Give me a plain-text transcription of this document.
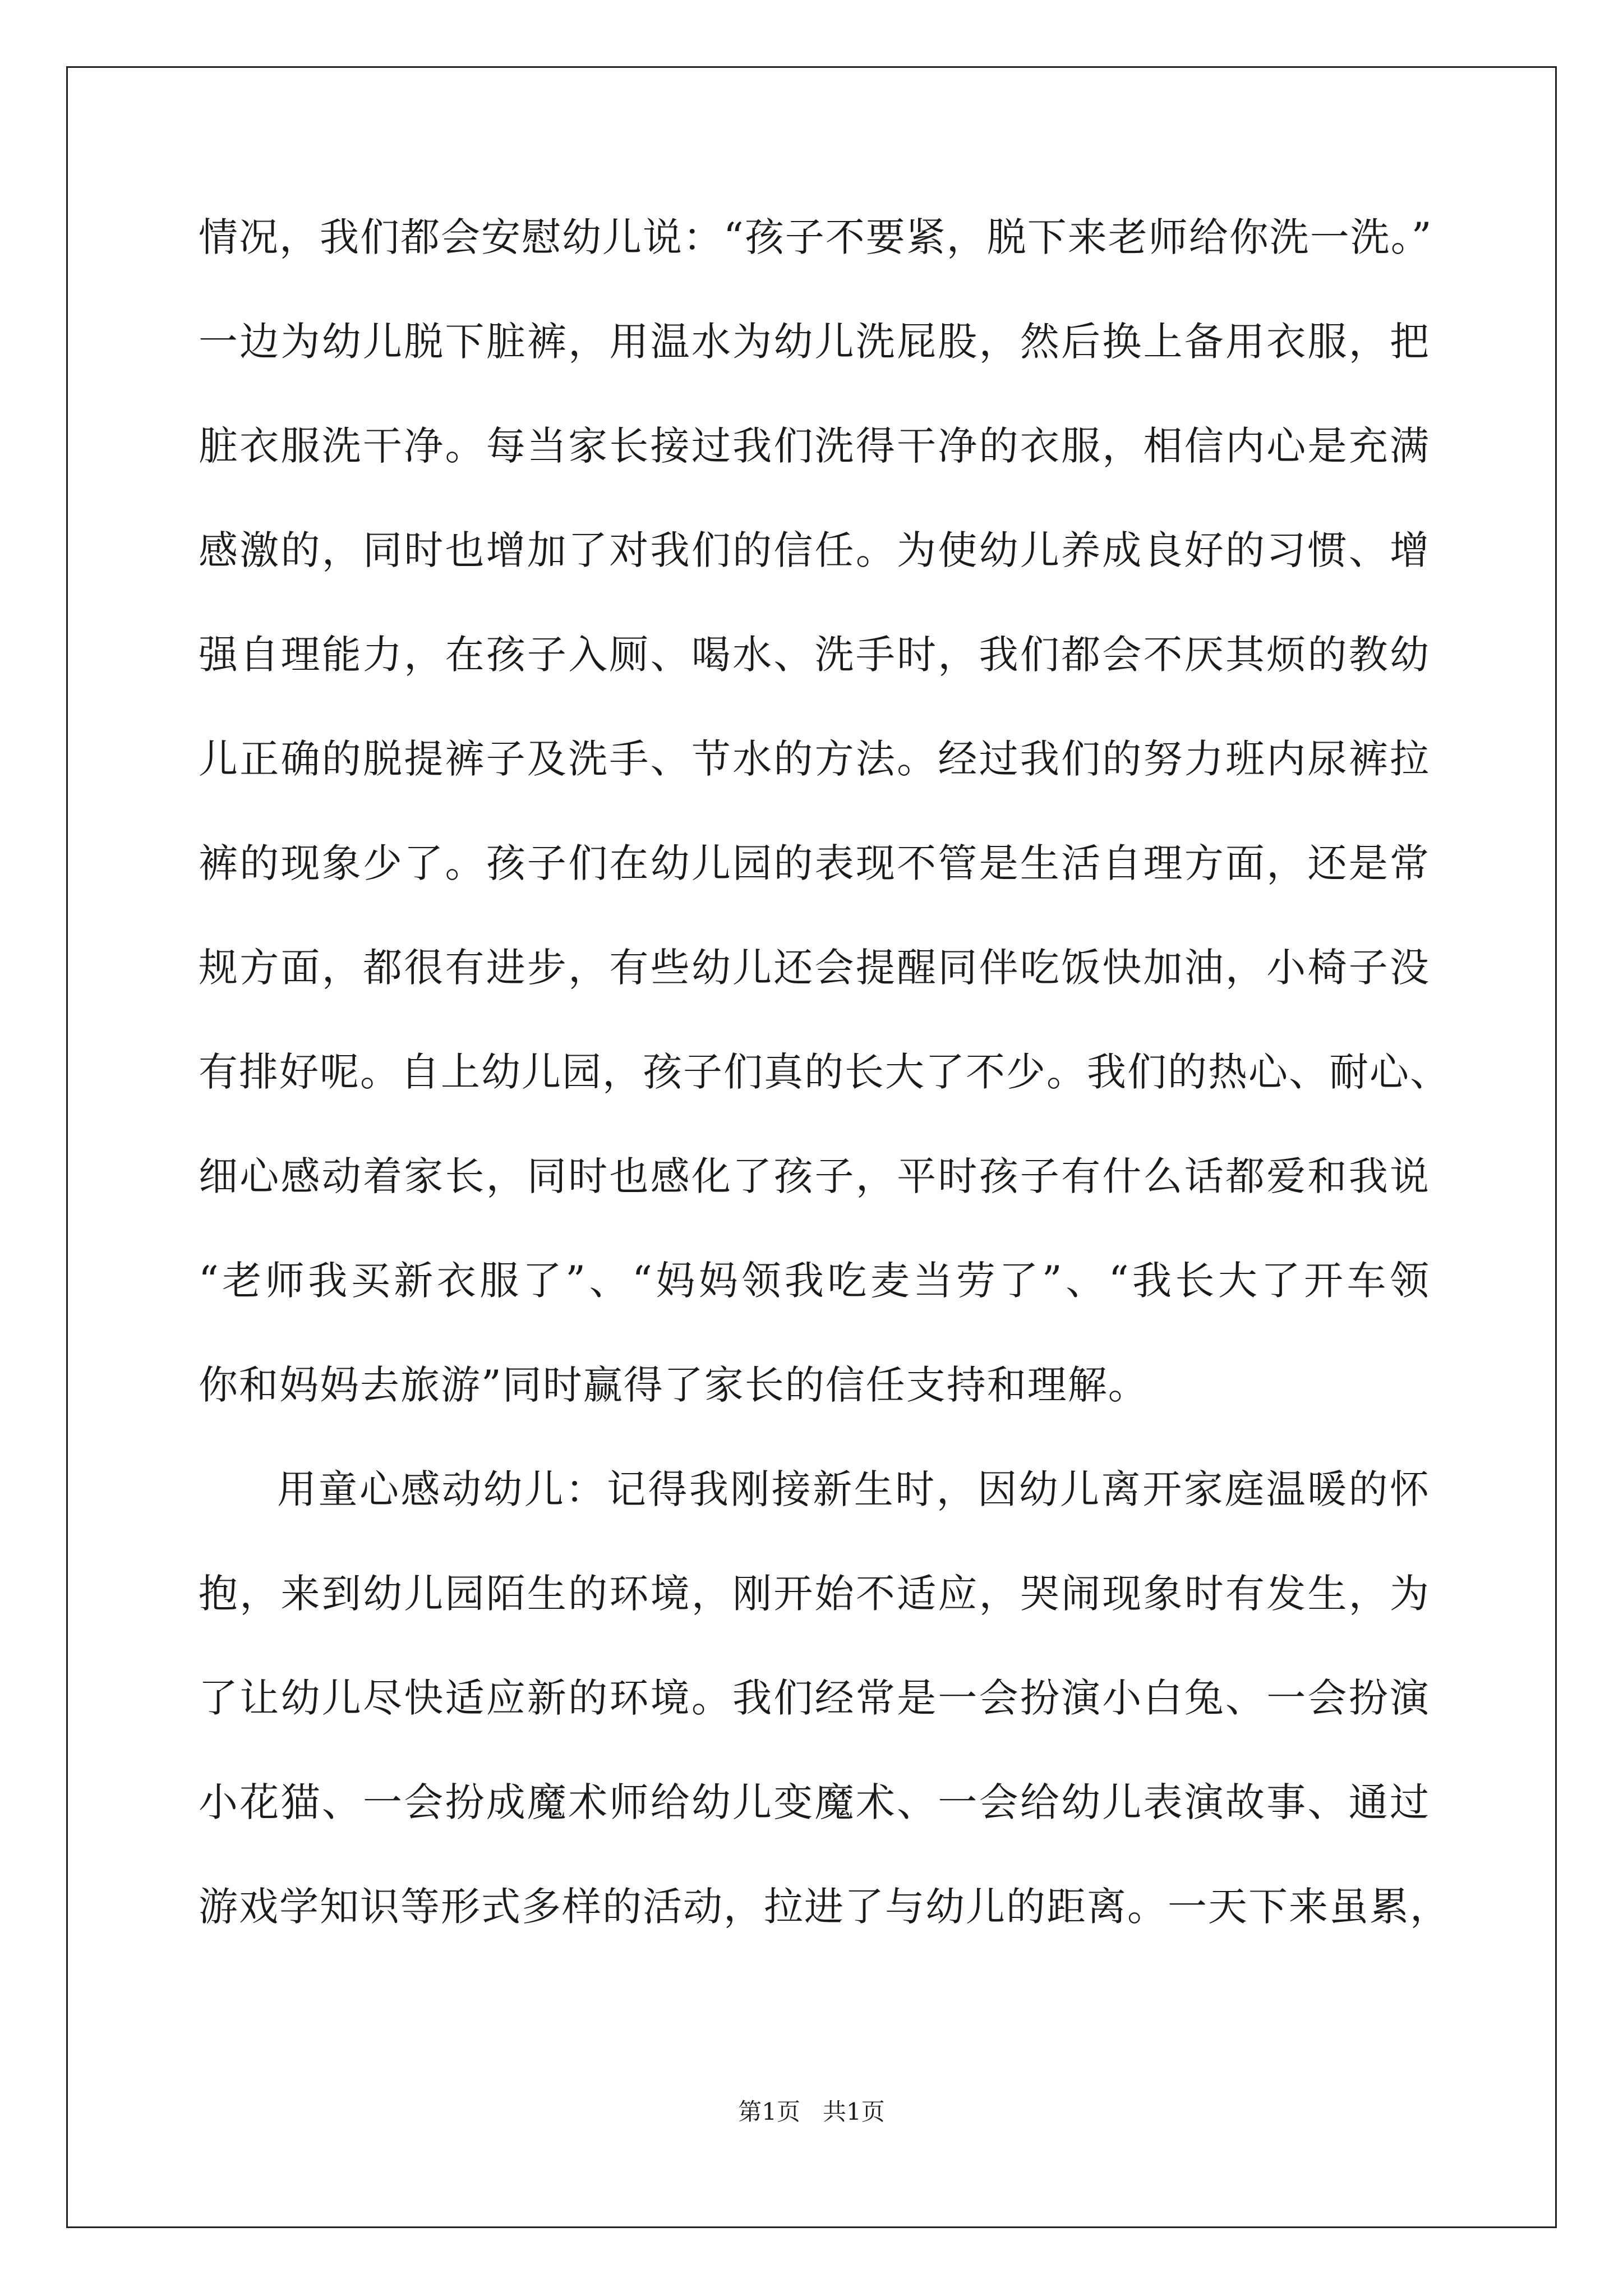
情况，我们都会安慰幼儿说：“孩子不要紧，脱下来老师给你洗一洗。”
一边为幼儿脱下脏裤，用温水为幼儿洗屁股，然后换上备用衣服，把
脏衣服洗干净。每当家长接过我们洗得干净的衣服，相信内心是充满
感激的，同时也增加了对我们的信任。为使幼儿养成良好的习惯、增
强自理能力，在孩子入厕、喝水、洗手时，我们都会不厌其烦的教幼
儿正确的脱提裤子及洗手、节水的方法。经过我们的努力班内尿裤拉
裤的现象少了。孩子们在幼儿园的表现不管是生活自理方面，还是常
规方面，都很有进步，有些幼儿还会提醒同伴吃饭快加油，小椅子没
有排好呢。自上幼儿园，孩子们真的长大了不少。我们的热心、耐心、
细心感动着家长，同时也感化了孩子，平时孩子有什么话都爱和我说
“老师我买新衣服了”、“妈妈领我吃麦当劳了”、“我长大了开车领
你和妈妈去旅游”同时赢得了家长的信任支持和理解。
用童心感动幼儿：记得我刚接新生时，因幼儿离开家庭温暖的怀
抱，来到幼儿园陌生的环境，刚开始不适应，哭闹现象时有发生，为
了让幼儿尽快适应新的环境。我们经常是一会扮演小白兔、一会扮演
小花猫、一会扮成魔术师给幼儿变魔术、一会给幼儿表演故事、通过
游戏学知识等形式多样的活动，拉进了与幼儿的距离。一天下来虽累，
第1页 共1页
